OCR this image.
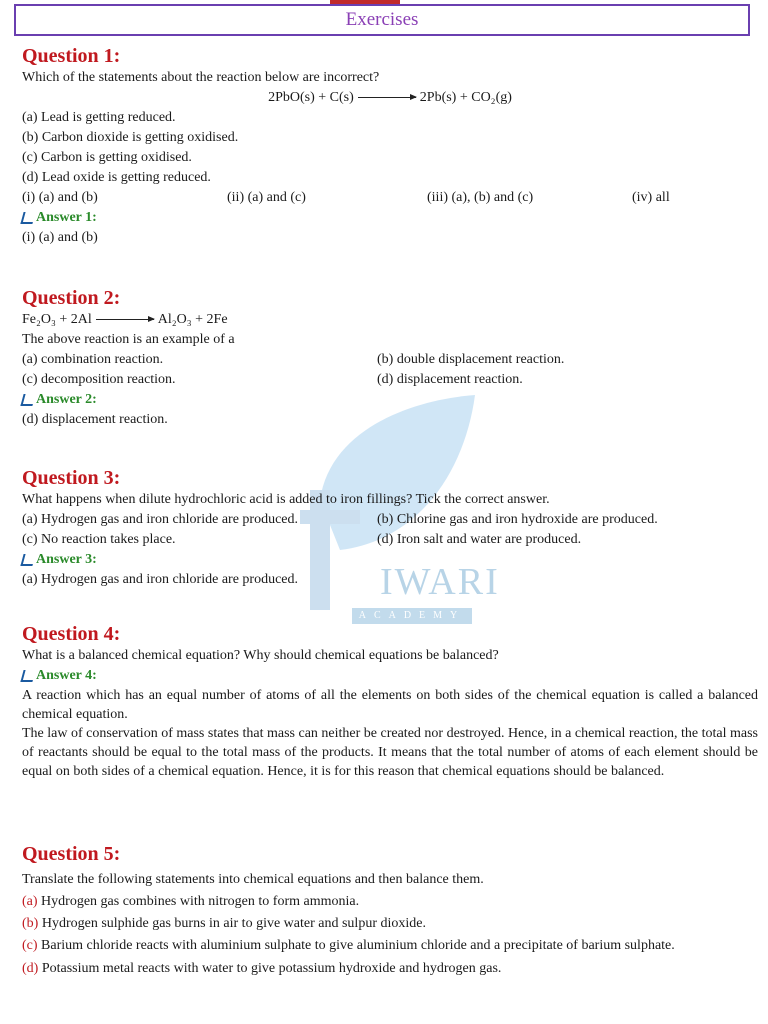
Exercises
IWARI
ACADEMY
Question 1:
Which of the statements about the reaction below are incorrect?
2PbO(s) + C(s)	2Pb(s) + CO₂(g)
(a) Lead is getting reduced.
(b) Carbon dioxide is getting oxidised.
(c) Carbon is getting oxidised.
(d) Lead oxide is getting reduced.
(i) (a) and (b)	(ii) (a) and (c)	(iii) (a), (b) and (c)	(iv) all
Answer 1:
(i) (a) and (b)
Question 2:
Fe₂O₃ + 2Al	Al₂O₃ + 2Fe
The above reaction is an example of a
(a) combination reaction.	(b) double displacement reaction.
(c) decomposition reaction.	(d) displacement reaction.
Answer 2:
(d) displacement reaction.
Question 3:
What happens when dilute hydrochloric acid is added to iron fillings? Tick the correct answer.
(a) Hydrogen gas and iron chloride are produced.	(b) Chlorine gas and iron hydroxide are produced.
(c) No reaction takes place.	(d) Iron salt and water are produced.
Answer 3:
(a) Hydrogen gas and iron chloride are produced.
Question 4:
What is a balanced chemical equation? Why should chemical equations be balanced?
Answer 4:
A reaction which has an equal number of atoms of all the elements on both sides of the chemical equation is called a balanced chemical equation.
The law of conservation of mass states that mass can neither be created nor destroyed. Hence, in a chemical reaction, the total mass of reactants should be equal to the total mass of the products. It means that the total number of atoms of each element should be equal on both sides of a chemical equation. Hence, it is for this reason that chemical equations should be balanced.
Question 5:
Translate the following statements into chemical equations and then balance them.
(a) Hydrogen gas combines with nitrogen to form ammonia.
(b) Hydrogen sulphide gas burns in air to give water and sulpur dioxide.
(c) Barium chloride reacts with aluminium sulphate to give aluminium chloride and a precipitate of barium sulphate.
(d) Potassium metal reacts with water to give potassium hydroxide and hydrogen gas.
